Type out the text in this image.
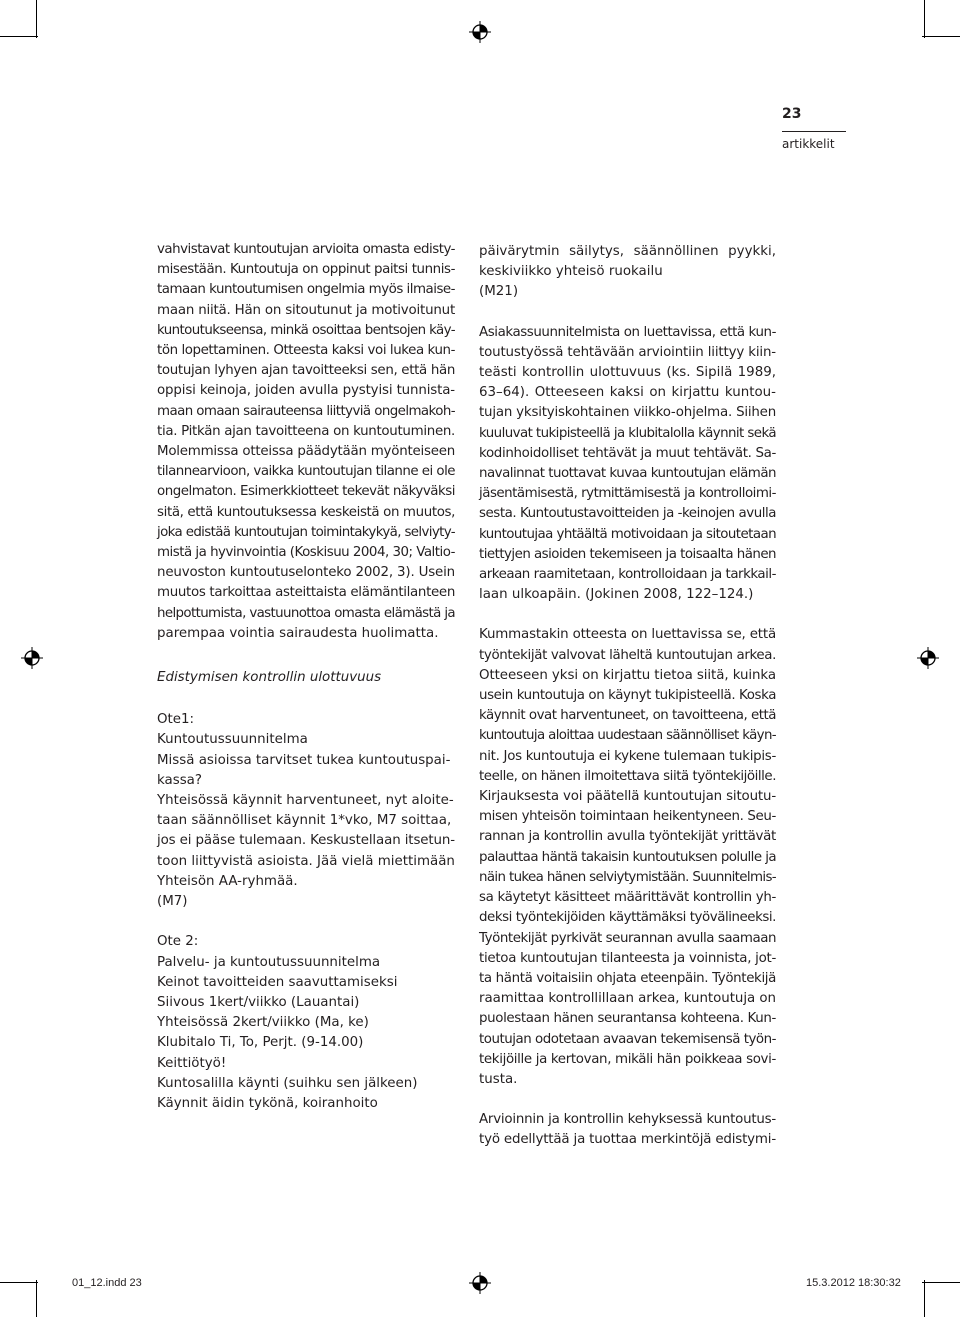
23
artikkelit

vahvistavat kuntoutujan arvioita omasta edisty-
misestään. Kuntoutuja on oppinut paitsi tunnis-
tamaan kuntoutumisen ongelmia myös ilmaise-
maan niitä. Hän on sitoutunut ja motivoitunut
kuntoutukseensa, minkä osoittaa bentsojen käy-
tön lopettaminen. Otteesta kaksi voi lukea kun-
toutujan lyhyen ajan tavoitteeksi sen, että hän
oppisi keinoja, joiden avulla pystyisi tunnista-
maan omaan sairauteensa liittyviä ongelmakoh-
tia. Pitkän ajan tavoitteena on kuntoutuminen.
Molemmissa otteissa päädytään myönteiseen
tilannearvioon, vaikka kuntoutujan tilanne ei ole
ongelmaton. Esimerkkiotteet tekevät näkyväksi
sitä, että kuntoutuksessa keskeistä on muutos,
joka edistää kuntoutujan toimintakykyä, selviyty-
mistä ja hyvinvointia (Koskisuu 2004, 30; Valtio-
neuvoston kuntoutuselonteko 2002, 3). Usein
muutos tarkoittaa asteittaista elämäntilanteen
helpottumista, vastuunottoa omasta elämästä ja
parempaa vointia sairaudesta huolimatta.

Edistymisen kontrollin ulottuvuus

Ote1:
Kuntoutussuunnitelma
Missä asioissa tarvitset tukea kuntoutuspai-
kassa?
Yhteisössä käynnit harventuneet, nyt aloite-
taan säännölliset käynnit 1*vko, M7 soittaa,
jos ei pääse tulemaan. Keskustellaan itsetun-
toon liittyvistä asioista. Jää vielä miettimään
Yhteisön AA-ryhmää.
(M7)

Ote 2:
Palvelu- ja kuntoutussuunnitelma
Keinot tavoitteiden saavuttamiseksi
Siivous 1kert/viikko (Lauantai)
Yhteisössä 2kert/viikko (Ma, ke)
Klubitalo Ti, To, Perjt. (9-14.00)
Keittiötyö!
Kuntosalilla käynti (suihku sen jälkeen)
Käynnit äidin tykönä, koiranhoito

päivärytmin säilytys, säännöllinen pyykki,
keskiviikko yhteisö ruokailu
(M21)

Asiakassuunnitelmista on luettavissa, että kun-
toutustyössä tehtävään arviointiin liittyy kiin-
teästi kontrollin ulottuvuus (ks. Sipilä 1989,
63–64). Otteeseen kaksi on kirjattu kuntou-
tujan yksityiskohtainen viikko-ohjelma. Siihen
kuuluvat tukipisteellä ja klubitalolla käynnit sekä
kodinhoidolliset tehtävät ja muut tehtävät. Sa-
navalinnat tuottavat kuvaa kuntoutujan elämän
jäsentämisestä, rytmittämisestä ja kontrolloimi-
sesta. Kuntoutustavoitteiden ja -keinojen avulla
kuntoutujaa yhtäältä motivoidaan ja sitoutetaan
tiettyjen asioiden tekemiseen ja toisaalta hänen
arkeaan raamitetaan, kontrolloidaan ja tarkkail-
laan ulkoapäin. (Jokinen 2008, 122–124.)

Kummastakin otteesta on luettavissa se, että
työntekijät valvovat läheltä kuntoutujan arkea.
Otteeseen yksi on kirjattu tietoa siitä, kuinka
usein kuntoutuja on käynyt tukipisteellä. Koska
käynnit ovat harventuneet, on tavoitteena, että
kuntoutuja aloittaa uudestaan säännölliset käyn-
nit. Jos kuntoutuja ei kykene tulemaan tukipis-
teelle, on hänen ilmoitettava siitä työntekijöille.
Kirjauksesta voi päätellä kuntoutujan sitoutu-
misen yhteisön toimintaan heikentyneen. Seu-
rannan ja kontrollin avulla työntekijät yrittävät
palauttaa häntä takaisin kuntoutuksen polulle ja
näin tukea hänen selviytymistään. Suunnitelmis-
sa käytetyt käsitteet määrittävät kontrollin yh-
deksi työntekijöiden käyttämäksi työvälineeksi.
Työntekijät pyrkivät seurannan avulla saamaan
tietoa kuntoutujan tilanteesta ja voinnista, jot-
ta häntä voitaisiin ohjata eteenpäin. Työntekijä
raamittaa kontrollillaan arkea, kuntoutuja on
puolestaan hänen seurantansa kohteena. Kun-
toutujan odotetaan avaavan tekemisensä työn-
tekijöille ja kertovan, mikäli hän poikkeaa sovi-
tusta.

Arvioinnin ja kontrollin kehyksessä kuntoutus-
työ edellyttää ja tuottaa merkintöjä edistymi-

01_12.indd 23	15.3.2012 18:30:32
